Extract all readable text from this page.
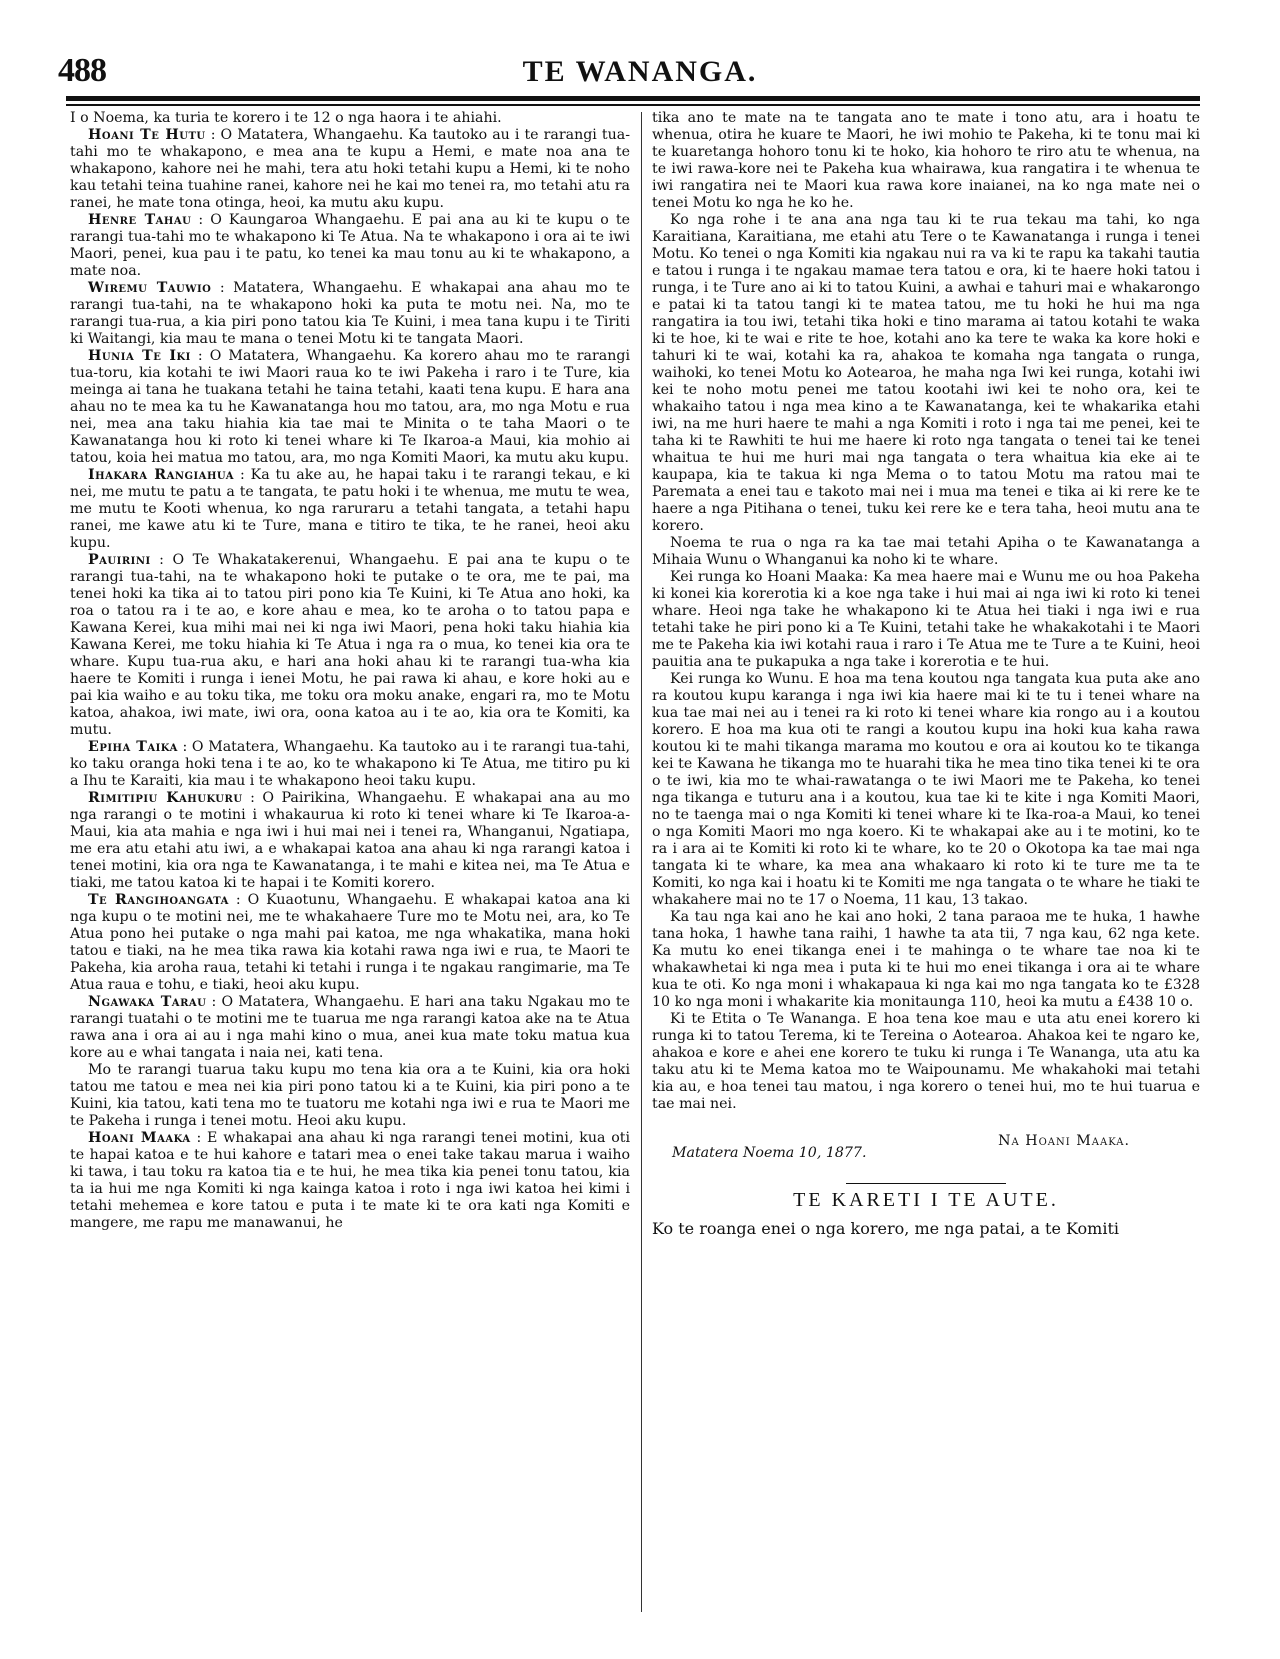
488	TE WANANGA.

I o Noema, ka turia te korero i te 12 o nga haora i te ahiahi.

Hoani Te Hutu : O Matatera, Whangaehu. Ka tautoko au i te rarangi tua-tahi mo te whakapono, e mea ana te kupu a Hemi, e mate noa ana te whakapono, kahore nei he mahi, tera atu hoki tetahi kupu a Hemi, ki te noho kau tetahi teina tuahine ranei, kahore nei he kai mo tenei ra, mo tetahi atu ra ranei, he mate tona otinga, heoi, ka mutu aku kupu.

Henre Tahau : O Kaungaroa Whangaehu. E pai ana au ki te kupu o te rarangi tua-tahi mo te whakapono ki Te Atua. Na te whakapono i ora ai te iwi Maori, penei, kua pau i te patu, ko tenei ka mau tonu au ki te whakapono, a mate noa.

Wiremu Tauwio : Matatera, Whangaehu. E whakapai ana ahau mo te rarangi tua-tahi, na te whakapono hoki ka puta te motu nei. Na, mo te rarangi tua-rua, a kia piri pono tatou kia Te Kuini, i mea tana kupu i te Tiriti ki Waitangi, kia mau te mana o tenei Motu ki te tangata Maori.

Hunia Te Iki : O Matatera, Whangaehu. Ka korero ahau mo te rarangi tua-toru, kia kotahi te iwi Maori raua ko te iwi Pakeha i raro i te Ture, kia meinga ai tana he tuakana tetahi he taina tetahi, kaati tena kupu. E hara ana ahau no te mea ka tu he Kawanatanga hou mo tatou, ara, mo nga Motu e rua nei, mea ana taku hiahia kia tae mai te Minita o te taha Maori o te Kawanatanga hou ki roto ki tenei whare ki Te Ikaroa-a Maui, kia mohio ai tatou, koia hei matua mo tatou, ara, mo nga Komiti Maori, ka mutu aku kupu.

Ihakara Rangiahua : Ka tu ake au, he hapai taku i te rarangi tekau, e ki nei, me mutu te patu a te tangata, te patu hoki i te whenua, me mutu te wea, me mutu te Kooti whenua, ko nga raruraru a tetahi tangata, a tetahi hapu ranei, me kawe atu ki te Ture, mana e titiro te tika, te he ranei, heoi aku kupu.

Pauirini : O Te Whakatakerenui, Whangaehu. E pai ana te kupu o te rarangi tua-tahi, na te whakapono hoki te putake o te ora, me te pai, ma tenei hoki ka tika ai to tatou piri pono kia Te Kuini, ki Te Atua ano hoki, ka roa o tatou ra i te ao, e kore ahau e mea, ko te aroha o to tatou papa e Kawana Kerei, kua mihi mai nei ki nga iwi Maori, pena hoki taku hiahia kia Kawana Kerei, me toku hiahia ki Te Atua i nga ra o mua, ko tenei kia ora te whare. Kupu tua-rua aku, e hari ana hoki ahau ki te rarangi tua-wha kia haere te Komiti i runga i ienei Motu, he pai rawa ki ahau, e kore hoki au e pai kia waiho e au toku tika, me toku ora moku anake, engari ra, mo te Motu katoa, ahakoa, iwi mate, iwi ora, oona katoa au i te ao, kia ora te Komiti, ka mutu.

Epiha Taika : O Matatera, Whangaehu. Ka tautoko au i te rarangi tua-tahi, ko taku oranga hoki tena i te ao, ko te whakapono ki Te Atua, me titiro pu ki a Ihu te Karaiti, kia mau i te whakapono heoi taku kupu.

Rimitipiu Kahukuru : O Pairikina, Whangaehu. E whakapai ana au mo nga rarangi o te motini i whakaurua ki roto ki tenei whare ki Te Ikaroa-a-Maui, kia ata mahia e nga iwi i hui mai nei i tenei ra, Whanganui, Ngatiapa, me era atu etahi atu iwi, a e whakapai katoa ana ahau ki nga rarangi katoa i tenei motini, kia ora nga te Kawanatanga, i te mahi e kitea nei, ma Te Atua e tiaki, me tatou katoa ki te hapai i te Komiti korero.

Te Rangihoangata : O Kuaotunu, Whangaehu. E whakapai katoa ana ki nga kupu o te motini nei, me te whakahaere Ture mo te Motu nei, ara, ko Te Atua pono hei putake o nga mahi pai katoa, me nga whakatika, mana hoki tatou e tiaki, na he mea tika rawa kia kotahi rawa nga iwi e rua, te Maori te Pakeha, kia aroha raua, tetahi ki tetahi i runga i te ngakau rangimarie, ma Te Atua raua e tohu, e tiaki, heoi aku kupu.

Ngawaka Tarau : O Matatera, Whangaehu. E hari ana taku Ngakau mo te rarangi tuatahi o te motini me te tuarua me nga rarangi katoa ake na te Atua rawa ana i ora ai au i nga mahi kino o mua, anei kua mate toku matua kua kore au e whai tangata i naia nei, kati tena.

Mo te rarangi tuarua taku kupu mo tena kia ora a te Kuini, kia ora hoki tatou me tatou e mea nei kia piri pono tatou ki a te Kuini, kia piri pono a te Kuini, kia tatou, kati tena mo te tuatoru me kotahi nga iwi e rua te Maori me te Pakeha i runga i tenei motu. Heoi aku kupu.

Hoani Maaka : E whakapai ana ahau ki nga rarangi tenei motini, kua oti te hapai katoa e te hui kahore e tatari mea o enei take takau marua i waiho ki tawa, i tau toku ra katoa tia e te hui, he mea tika kia penei tonu tatou, kia ta ia hui me nga Komiti ki nga kainga katoa i roto i nga iwi katoa hei kimi i tetahi mehemea e kore tatou e puta i te mate ki te ora kati nga Komiti e mangere, me rapu me manawanui, he

tika ano te mate na te tangata ano te mate i tono atu, ara i hoatu te whenua, otira he kuare te Maori, he iwi mohio te Pakeha, ki te tonu mai ki te kuaretanga hohoro tonu ki te hoko, kia hohoro te riro atu te whenua, na te iwi rawa-kore nei te Pakeha kua whairawa, kua rangatira i te whenua te iwi rangatira nei te Maori kua rawa kore inaianei, na ko nga mate nei o tenei Motu ko nga he ko he.

Ko nga rohe i te ana ana nga tau ki te rua tekau ma tahi, ko nga Karaitiana, Karaitiana, me etahi atu Tere o te Kawanatanga i runga i tenei Motu. Ko tenei o nga Komiti kia ngakau nui ra va ki te rapu ka takahi tautia e tatou i runga i te ngakau mamae tera tatou e ora, ki te haere hoki tatou i runga, i te Ture ano ai ki to tatou Kuini, a awhai e tahuri mai e whakarongo e patai ki ta tatou tangi ki te matea tatou, me tu hoki he hui ma nga rangatira ia tou iwi, tetahi tika hoki e tino marama ai tatou kotahi te waka ki te hoe, ki te wai e rite te hoe, kotahi ano ka tere te waka ka kore hoki e tahuri ki te wai, kotahi ka ra, ahakoa te komaha nga tangata o runga, waihoki, ko tenei Motu ko Aotearoa, he maha nga Iwi kei runga, kotahi iwi kei te noho motu penei me tatou kootahi iwi kei te noho ora, kei te whakaiho tatou i nga mea kino a te Kawanatanga, kei te whakarika etahi iwi, na me huri haere te mahi a nga Komiti i roto i nga tai me penei, kei te taha ki te Rawhiti te hui me haere ki roto nga tangata o tenei tai ke tenei whaitua te hui me huri mai nga tangata o tera whaitua kia eke ai te kaupapa, kia te takua ki nga Mema o to tatou Motu ma ratou mai te Paremata a enei tau e takoto mai nei i mua ma tenei e tika ai ki rere ke te haere a nga Pitihana o tenei, tuku kei rere ke e tera taha, heoi mutu ana te korero.

Noema te rua o nga ra ka tae mai tetahi Apiha o te Kawanatanga a Mihaia Wunu o Whanganui ka noho ki te whare.

Kei runga ko Hoani Maaka: Ka mea haere mai e Wunu me ou hoa Pakeha ki konei kia korerotia ki a koe nga take i hui mai ai nga iwi ki roto ki tenei whare. Heoi nga take he whakapono ki te Atua hei tiaki i nga iwi e rua tetahi take he piri pono ki a Te Kuini, tetahi take he whakakotahi i te Maori me te Pakeha kia iwi kotahi raua i raro i Te Atua me te Ture a te Kuini, heoi pauitia ana te pukapuka a nga take i korerotia e te hui.

Kei runga ko Wunu. E hoa ma tena koutou nga tangata kua puta ake ano ra koutou kupu karanga i nga iwi kia haere mai ki te tu i tenei whare na kua tae mai nei au i tenei ra ki roto ki tenei whare kia rongo au i a koutou korero. E hoa ma kua oti te rangi a koutou kupu ina hoki kua kaha rawa koutou ki te mahi tikanga marama mo koutou e ora ai koutou ko te tikanga kei te Kawana he tikanga mo te huarahi tika he mea tino tika tenei ki te ora o te iwi, kia mo te whai-rawatanga o te iwi Maori me te Pakeha, ko tenei nga tikanga e tuturu ana i a koutou, kua tae ki te kite i nga Komiti Maori, no te taenga mai o nga Komiti ki tenei whare ki te Ika-roa-a Maui, ko tenei o nga Komiti Maori mo nga koero. Ki te whakapai ake au i te motini, ko te ra i ara ai te Komiti ki roto ki te whare, ko te 20 o Okotopa ka tae mai nga tangata ki te whare, ka mea ana whakaaro ki roto ki te ture me ta te Komiti, ko nga kai i hoatu ki te Komiti me nga tangata o te whare he tiaki te whakahere mai no te 17 o Noema, 11 kau, 13 takao.

Ka tau nga kai ano he kai ano hoki, 2 tana paraoa me te huka, 1 hawhe tana hoka, 1 hawhe tana raihi, 1 hawhe ta ata tii, 7 nga kau, 62 nga kete. Ka mutu ko enei tikanga enei i te mahinga o te whare tae noa ki te whakawhetai ki nga mea i puta ki te hui mo enei tikanga i ora ai te whare kua te oti. Ko nga moni i whakapaua ki nga kai mo nga tangata ko te £328 10 ko nga moni i whakarite kia monitaunga 110, heoi ka mutu a £438 10 o.

Ki te Etita o Te Wananga. E hoa tena koe mau e uta atu enei korero ki runga ki to tatou Terema, ki te Tereina o Aotearoa. Ahakoa kei te ngaro ke, ahakoa e kore e ahei ene korero te tuku ki runga i Te Wananga, uta atu ka taku atu ki te Mema katoa mo te Waipounamu. Me whakahoki mai tetahi kia au, e hoa tenei tau matou, i nga korero o tenei hui, mo te hui tuarua e tae mai nei.

Na Hoani Maaka.
Matatera Noema 10, 1877.
TE KARETI I TE AUTE.

Ko te roanga enei o nga korero, me nga patai, a te Komiti
